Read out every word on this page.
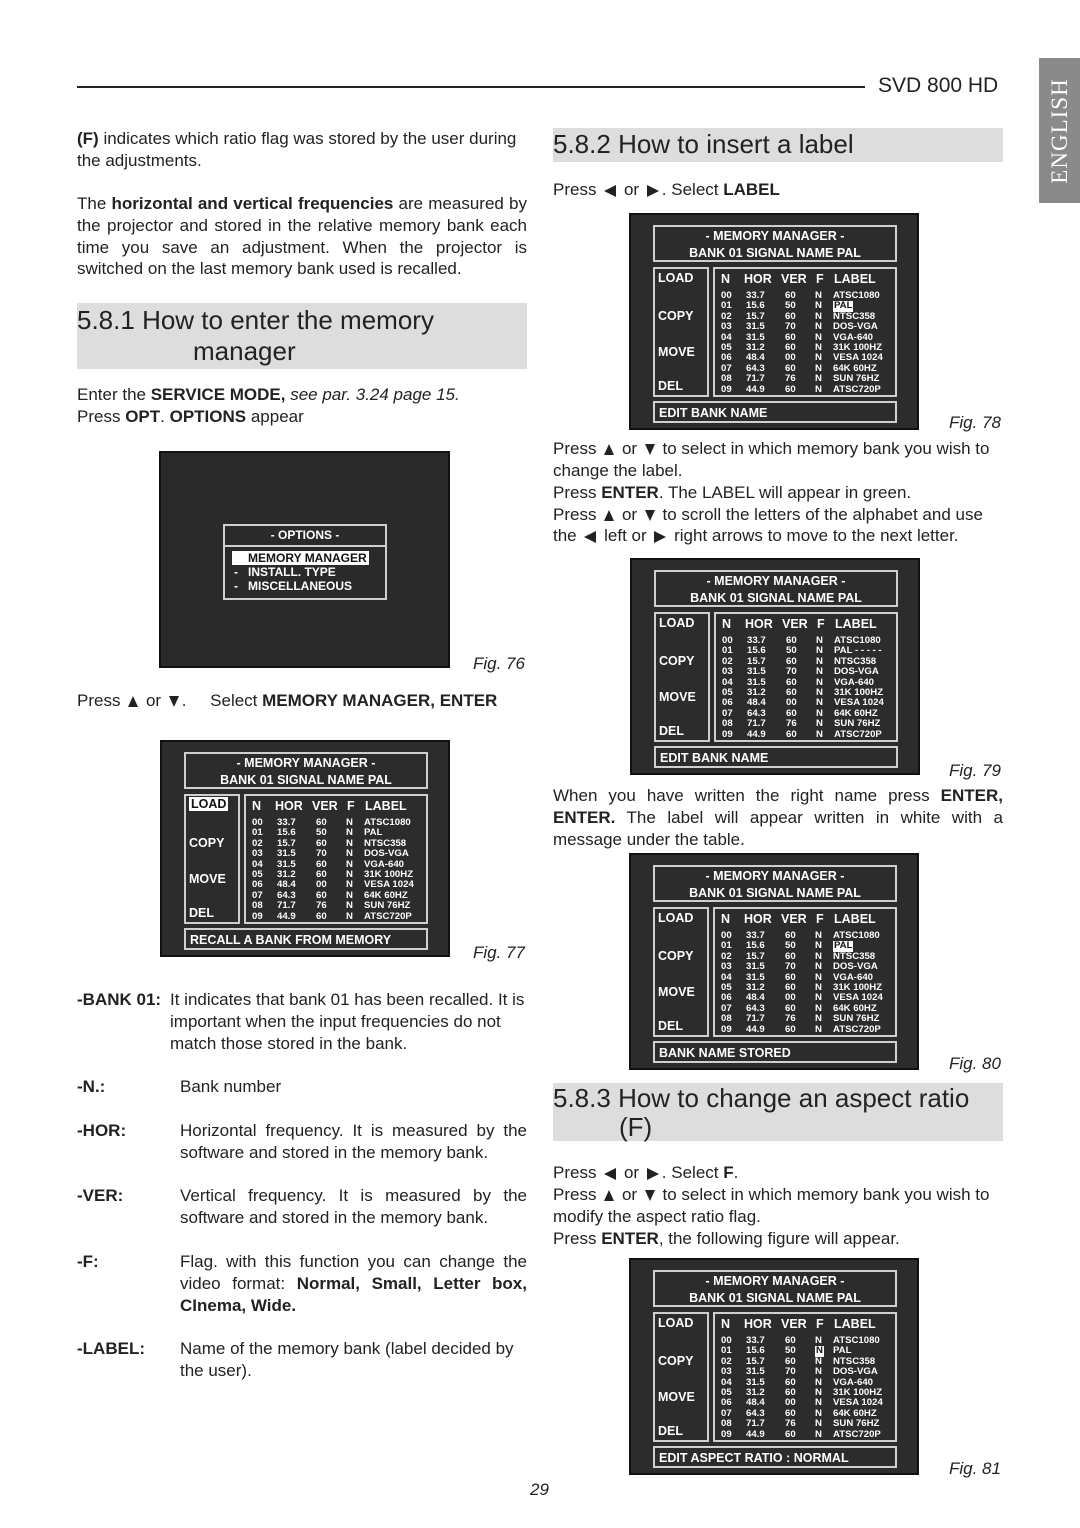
SVD 800 HD ENGLISH
(F) indicates which ratio flag was stored by the user during the adjustments.
The horizontal and vertical frequencies are measured by the projector and stored in the relative memory bank each time you save an adjustment. When the projector is switched on the last memory bank used is recalled.
5.8.1 How to enter the memory
manager
Enter the SERVICE MODE, see par. 3.24 page 15.
Press OPT. OPTIONS appear
- OPTIONS -
- MEMORY MANAGER
- INSTALL. TYPE
- MISCELLANEOUS
Fig. 76
Press or . Select MEMORY MANAGER, ENTER
- MEMORY MANAGER -
BANK 01 SIGNAL NAME PAL
LOAD
COPY
MOVE
DEL
N HOR VER F LABEL
00 33.7 60 N ATSC1080
01 15.6 50 N PAL
02 15.7 60 N NTSC358
03 31.5 70 N DOS-VGA
04 31.5 60 N VGA-640
05 31.2 60 N 31K 100HZ
06 48.4 00 N VESA 1024
07 64.3 60 N 64K 60HZ
08 71.7 76 N SUN 76HZ
09 44.9 60 N ATSC720P
RECALL A BANK FROM MEMORY
Fig. 77
-BANK 01: It indicates that bank 01 has been recalled. It is important when the input frequencies do not match those stored in the bank.
-N.:	Bank number
-HOR:	Horizontal frequency. It is measured by the software and stored in the memory bank.
-VER:	Vertical frequency. It is measured by the software and stored in the memory bank.
-F:	Flag. with this function you can change the video format: Normal, Small, Letter box, CInema, Wide.
-LABEL: Name of the memory bank (label decided by the user).
5.8.2 How to insert a label
Press or . Select LABEL
- MEMORY MANAGER -
BANK 01 SIGNAL NAME PAL
LOAD
COPY
MOVE
DEL
N HOR VER F LABEL
00 33.7 60 N ATSC1080
01 15.6 50 N PAL
02 15.7 60 N NTSC358
03 31.5 70 N DOS-VGA
04 31.5 60 N VGA-640
05 31.2 60 N 31K 100HZ
06 48.4 00 N VESA 1024
07 64.3 60 N 64K 60HZ
08 71.7 76 N SUN 76HZ
09 44.9 60 N ATSC720P
EDIT BANK NAME	Fig. 78
Press or to select in which memory bank you wish to change the label.
Press ENTER. The LABEL will appear in green.
Press or to scroll the letters of the alphabet and use
the left or right arrows to move to the next letter.
- MEMORY MANAGER -
BANK 01 SIGNAL NAME PAL
LOAD
COPY
MOVE
DEL
N HOR VER F LABEL
00 33.7 60 N ATSC1080
01 15.6 50 N PAL - - - - -
02 15.7 60 N NTSC358
03 31.5 70 N DOS-VGA
04 31.5 60 N VGA-640
05 31.2 60 N 31K 100HZ
06 48.4 00 N VESA 1024
07 64.3 60 N 64K 60HZ
08 71.7 76 N SUN 76HZ
09 44.9 60 N ATSC720P
EDIT BANK NAME
Fig. 79
When you have written the right name press ENTER, ENTER. The label will appear written in white with a message under the table.
- MEMORY MANAGER -
BANK 01 SIGNAL NAME PAL
LOAD
COPY
MOVE
DEL
N HOR VER F LABEL
00 33.7 60 N ATSC1080
01 15.6 50 N PAL
02 15.7 60 N NTSC358
03 31.5 70 N DOS-VGA
04 31.5 60 N VGA-640
05 31.2 60 N 31K 100HZ
06 48.4 00 N VESA 1024
07 64.3 60 N 64K 60HZ
08 71.7 76 N SUN 76HZ
09 44.9 60 N ATSC720P
BANK NAME STORED
Fig. 80
5.8.3 How to change an aspect ratio
(F)
Press or . Select F.
Press or to select in which memory bank you wish to modify the aspect ratio flag.
Press ENTER, the following figure will appear.
- MEMORY MANAGER -
BANK 01 SIGNAL NAME PAL
LOAD
COPY
MOVE
DEL
N HOR VER F LABEL
00 33.7 60 N ATSC1080
01 15.6 50 N PAL
02 15.7 60 N NTSC358
03 31.5 70 N DOS-VGA
04 31.5 60 N VGA-640
05 31.2 60 N 31K 100HZ
06 48.4 00 N VESA 1024
07 64.3 60 N 64K 60HZ
08 71.7 76 N SUN 76HZ
09 44.9 60 N ATSC720P
EDIT ASPECT RATIO : NORMAL
Fig. 81
29
